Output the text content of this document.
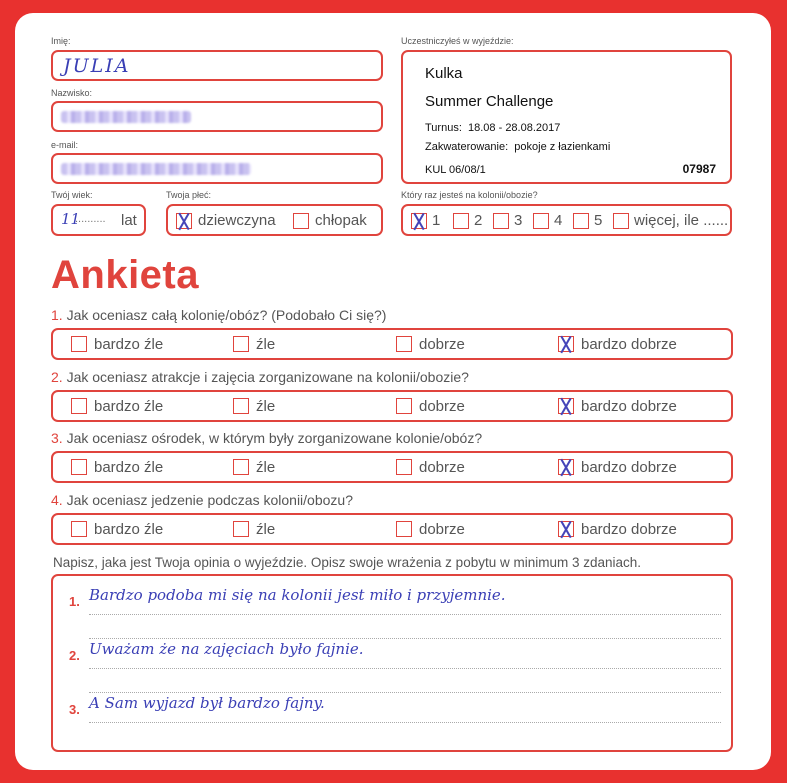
Imię:
JULIA
Nazwisko:
e-mail:
Twój wiek:
11
.......... lat
Twoja płeć:
dziewczyna	chłopak
Uczestniczyłeś w wyjeździe:
Kulka
Summer Challenge
Turnus: 18.08 - 28.08.2017
Zakwaterowanie: pokoje z łazienkami
KUL 06/08/1	07987
Który raz jesteś na kolonii/obozie?
1 2 3 4 5 więcej, ile ......
Ankieta
1. Jak oceniasz całą kolonię/obóz? (Podobało Ci się?)
bardzo źle	źle	dobrze	bardzo dobrze
2. Jak oceniasz atrakcje i zajęcia zorganizowane na kolonii/obozie?
bardzo źle	źle	dobrze	bardzo dobrze
3. Jak oceniasz ośrodek, w którym były zorganizowane kolonie/obóz?
bardzo źle	źle	dobrze	bardzo dobrze
4. Jak oceniasz jedzenie podczas kolonii/obozu?
bardzo źle	źle	dobrze	bardzo dobrze
Napisz, jaka jest Twoja opinia o wyjeździe. Opisz swoje wrażenia z pobytu w minimum 3 zdaniach.
1. Bardzo podoba mi się na kolonii jest miło i przyjemnie.
2. Uważam że na zajęciach było fajnie.
3. A Sam wyjazd był bardzo fajny.
